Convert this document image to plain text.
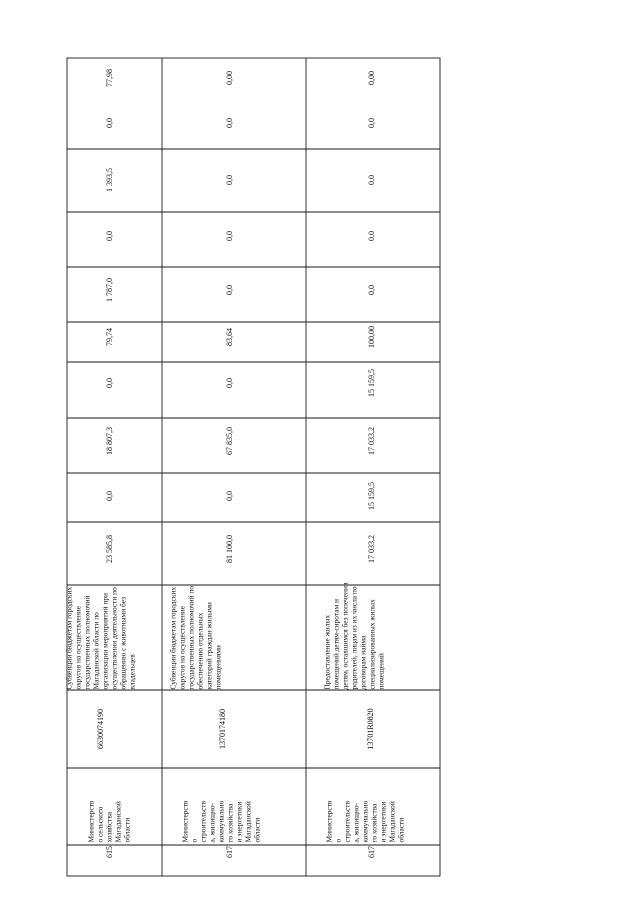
615
Министерств о сельского хозяйства Магаданской области
6630074190
Субвенции бюджетам городских округов на осуществление государственных полномочий Магаданской области по организации мероприятий при осуществлении деятельности по обращению с животными без владельцев
23 585,8
0,0
18 807,3
0,0
79,74
1 787,0
0,0
1 393,5
0,0
77,98
617
Министерств о строительств а, жилищно- коммунально го хозяйства и энергетики Магаданской области
1370174180
Субвенции бюджетам городских округов на осуществление государственных полномочий по обеспечению отдельных категорий граждан жилыми помещениями
81 100,0
0,0
67 835,0
0,0
83,64
0,0
0,0
0,0
0,0
0,00
617
Министерств о строительств а, жилищно- коммунально го хозяйства и энергетики Магаданской области
13701R0820
Предоставление жилых помещений детям-сиротам и детям, оставшимся без попечения родителей, лицам из их числа по договорам найма специализированных жилых помещений
17 033,2
15 159,5
17 033,2
15 159,5
100,00
0,0
0,0
0,0
0,0
0,00
